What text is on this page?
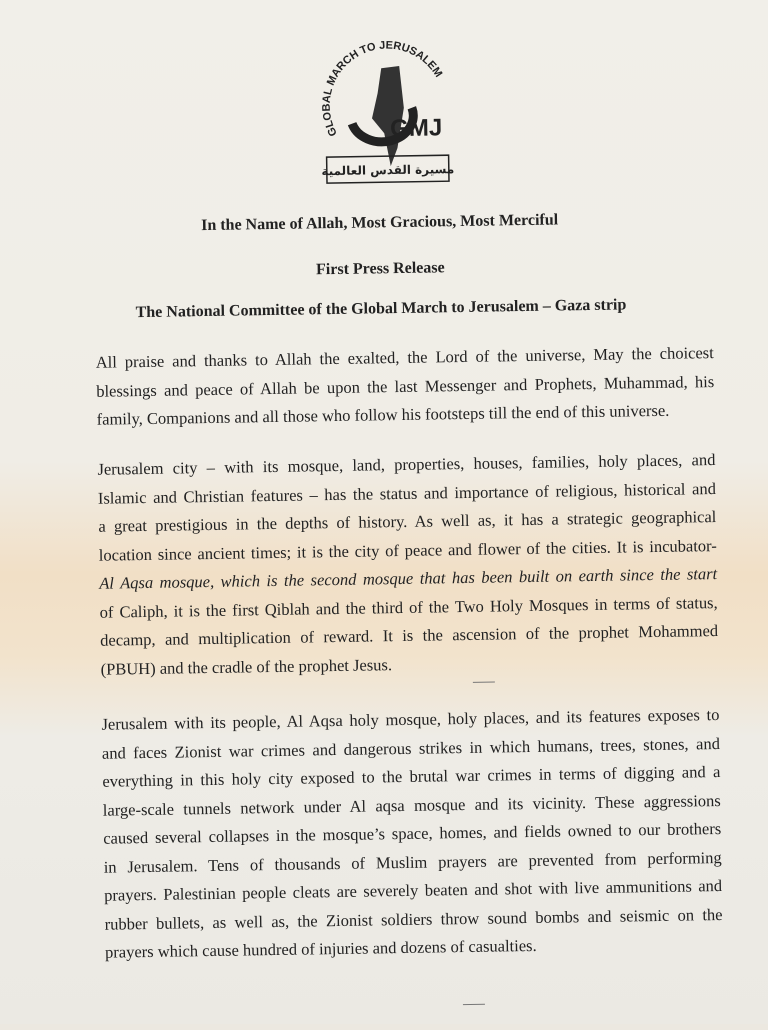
GLOBAL MARCH TO JERUSALEM
GMJ
مسيرة القدس العالمية
In the Name of Allah, Most Gracious, Most Merciful
First Press Release
The National Committee of the Global March to Jerusalem – Gaza strip
All praise and thanks to Allah the exalted, the Lord of the universe, May the choicest
blessings and peace of Allah be upon the last Messenger and Prophets, Muhammad, his
family, Companions and all those who follow his footsteps till the end of this universe.
Jerusalem city – with its mosque, land, properties, houses, families, holy places, and
Islamic and Christian features – has the status and importance of religious, historical and
a great prestigious in the depths of history. As well as, it has a strategic geographical
location since ancient times; it is the city of peace and flower of the cities. It is incubator-
Al Aqsa mosque, which is the second mosque that has been built on earth since the start
of Caliph, it is the first Qiblah and the third of the Two Holy Mosques in terms of status,
decamp, and multiplication of reward. It is the ascension of the prophet Mohammed
(PBUH) and the cradle of the prophet Jesus.
Jerusalem with its people, Al Aqsa holy mosque, holy places, and its features exposes to
and faces Zionist war crimes and dangerous strikes in which humans, trees, stones, and
everything in this holy city exposed to the brutal war crimes in terms of digging and a
large-scale tunnels network under Al aqsa mosque and its vicinity. These aggressions
caused several collapses in the mosque’s space, homes, and fields owned to our brothers
in Jerusalem. Tens of thousands of Muslim prayers are prevented from performing
prayers. Palestinian people cleats are severely beaten and shot with live ammunitions and
rubber bullets, as well as, the Zionist soldiers throw sound bombs and seismic on the
prayers which cause hundred of injuries and dozens of casualties.
